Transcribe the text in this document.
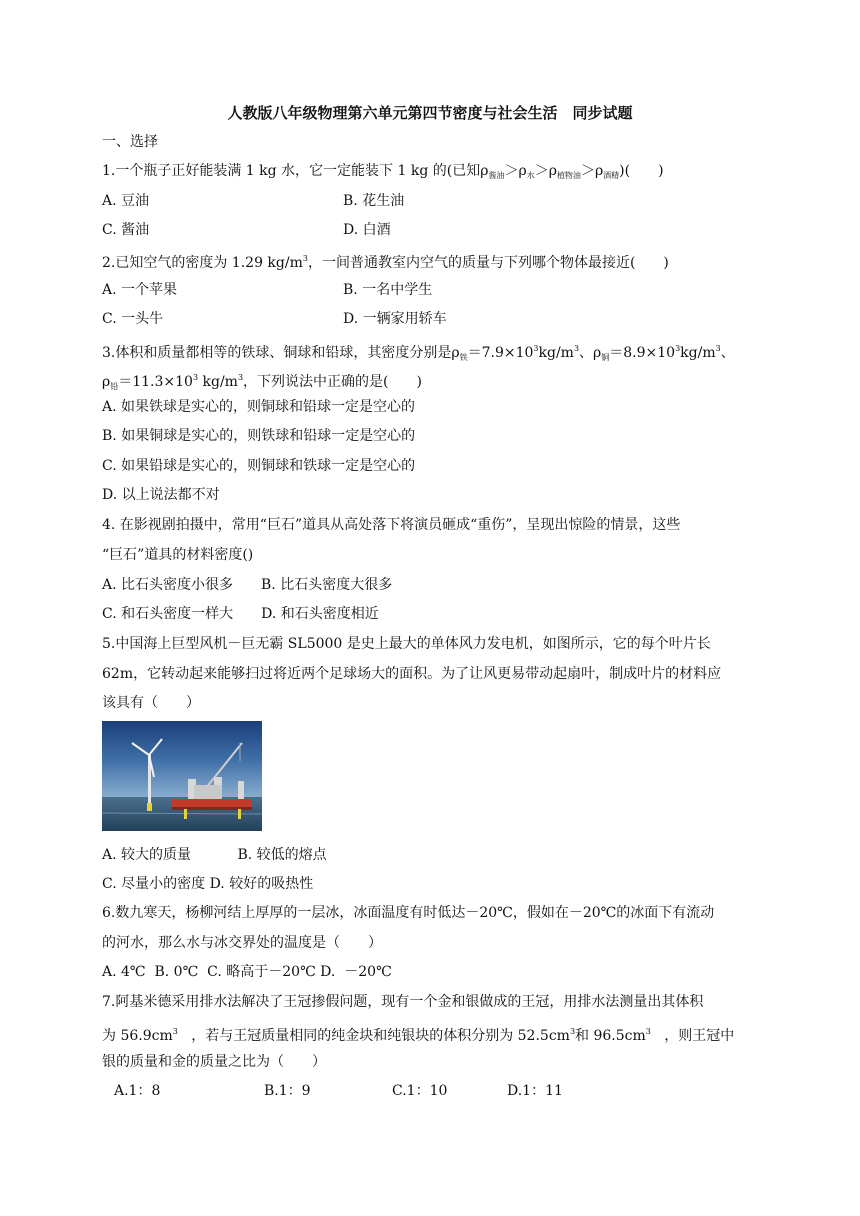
人教版八年级物理第六单元第四节密度与社会生活　同步试题
一、选择
1.一个瓶子正好能装满 1 kg 水，它一定能装下 1 kg 的(已知$\rho_{酱油}>\rho_水>\rho_{植物油}>\rho_{酒精}$)(　　)
A. 豆油	B. 花生油
C. 酱油	D. 白酒
2.已知空气的密度为 1.29 $kg/m^3$，一间普通教室内空气的质量与下列哪个物体最接近(　　)
A. 一个苹果	B. 一名中学生
C. 一头牛	D. 一辆家用轿车
3.体积和质量都相等的铁球、铜球和铅球，其密度分别是$\rho_铁=7.9\times 10^3kg/m^3$、$\rho_铜=8.9\times 10^3kg/m^3$、
$\rho_铅=11.3\times 10^3$ $kg/m^3$，下列说法中正确的是(　　)
A. 如果铁球是实心的，则铜球和铅球一定是空心的
B. 如果铜球是实心的，则铁球和铅球一定是空心的
C. 如果铅球是实心的，则铜球和铁球一定是空心的
D. 以上说法都不对
4. 在影视剧拍摄中，常用“巨石”道具从高处落下将演员砸成“重伤”，呈现出惊险的情景，这些
“巨石”道具的材料密度()
A. 比石头密度小很多　　B. 比石头密度大很多
C. 和石头密度一样大　　D. 和石头密度相近
5.中国海上巨型风机－巨无霸 SL5000 是史上最大的单体风力发电机，如图所示，它的每个叶片长
62m，它转动起来能够扫过将近两个足球场大的面积。为了让风更易带动起扇叶，制成叶片的材料应
该具有（　　）
A. 较大的质量　　　 B. 较低的熔点
C. 尽量小的密度 D. 较好的吸热性
6.数九寒天，杨柳河结上厚厚的一层冰，冰面温度有时低达－20℃，假如在－20℃的冰面下有流动
的河水，那么水与冰交界处的温度是（　　）
A. 4℃  B. 0℃  C. 略高于－20℃ D.  －20℃
7.阿基米德采用排水法解决了王冠掺假问题，现有一个金和银做成的王冠，用排水法测量出其体积
为 $56.9cm^3$   ，若与王冠质量相同的纯金块和纯银块的体积分别为 $52.5cm^3$和 $96.5cm^3$   ，则王冠中
银的质量和金的质量之比为（　　）
A.1：8	B.1：9	C.1：10	D.1：11
